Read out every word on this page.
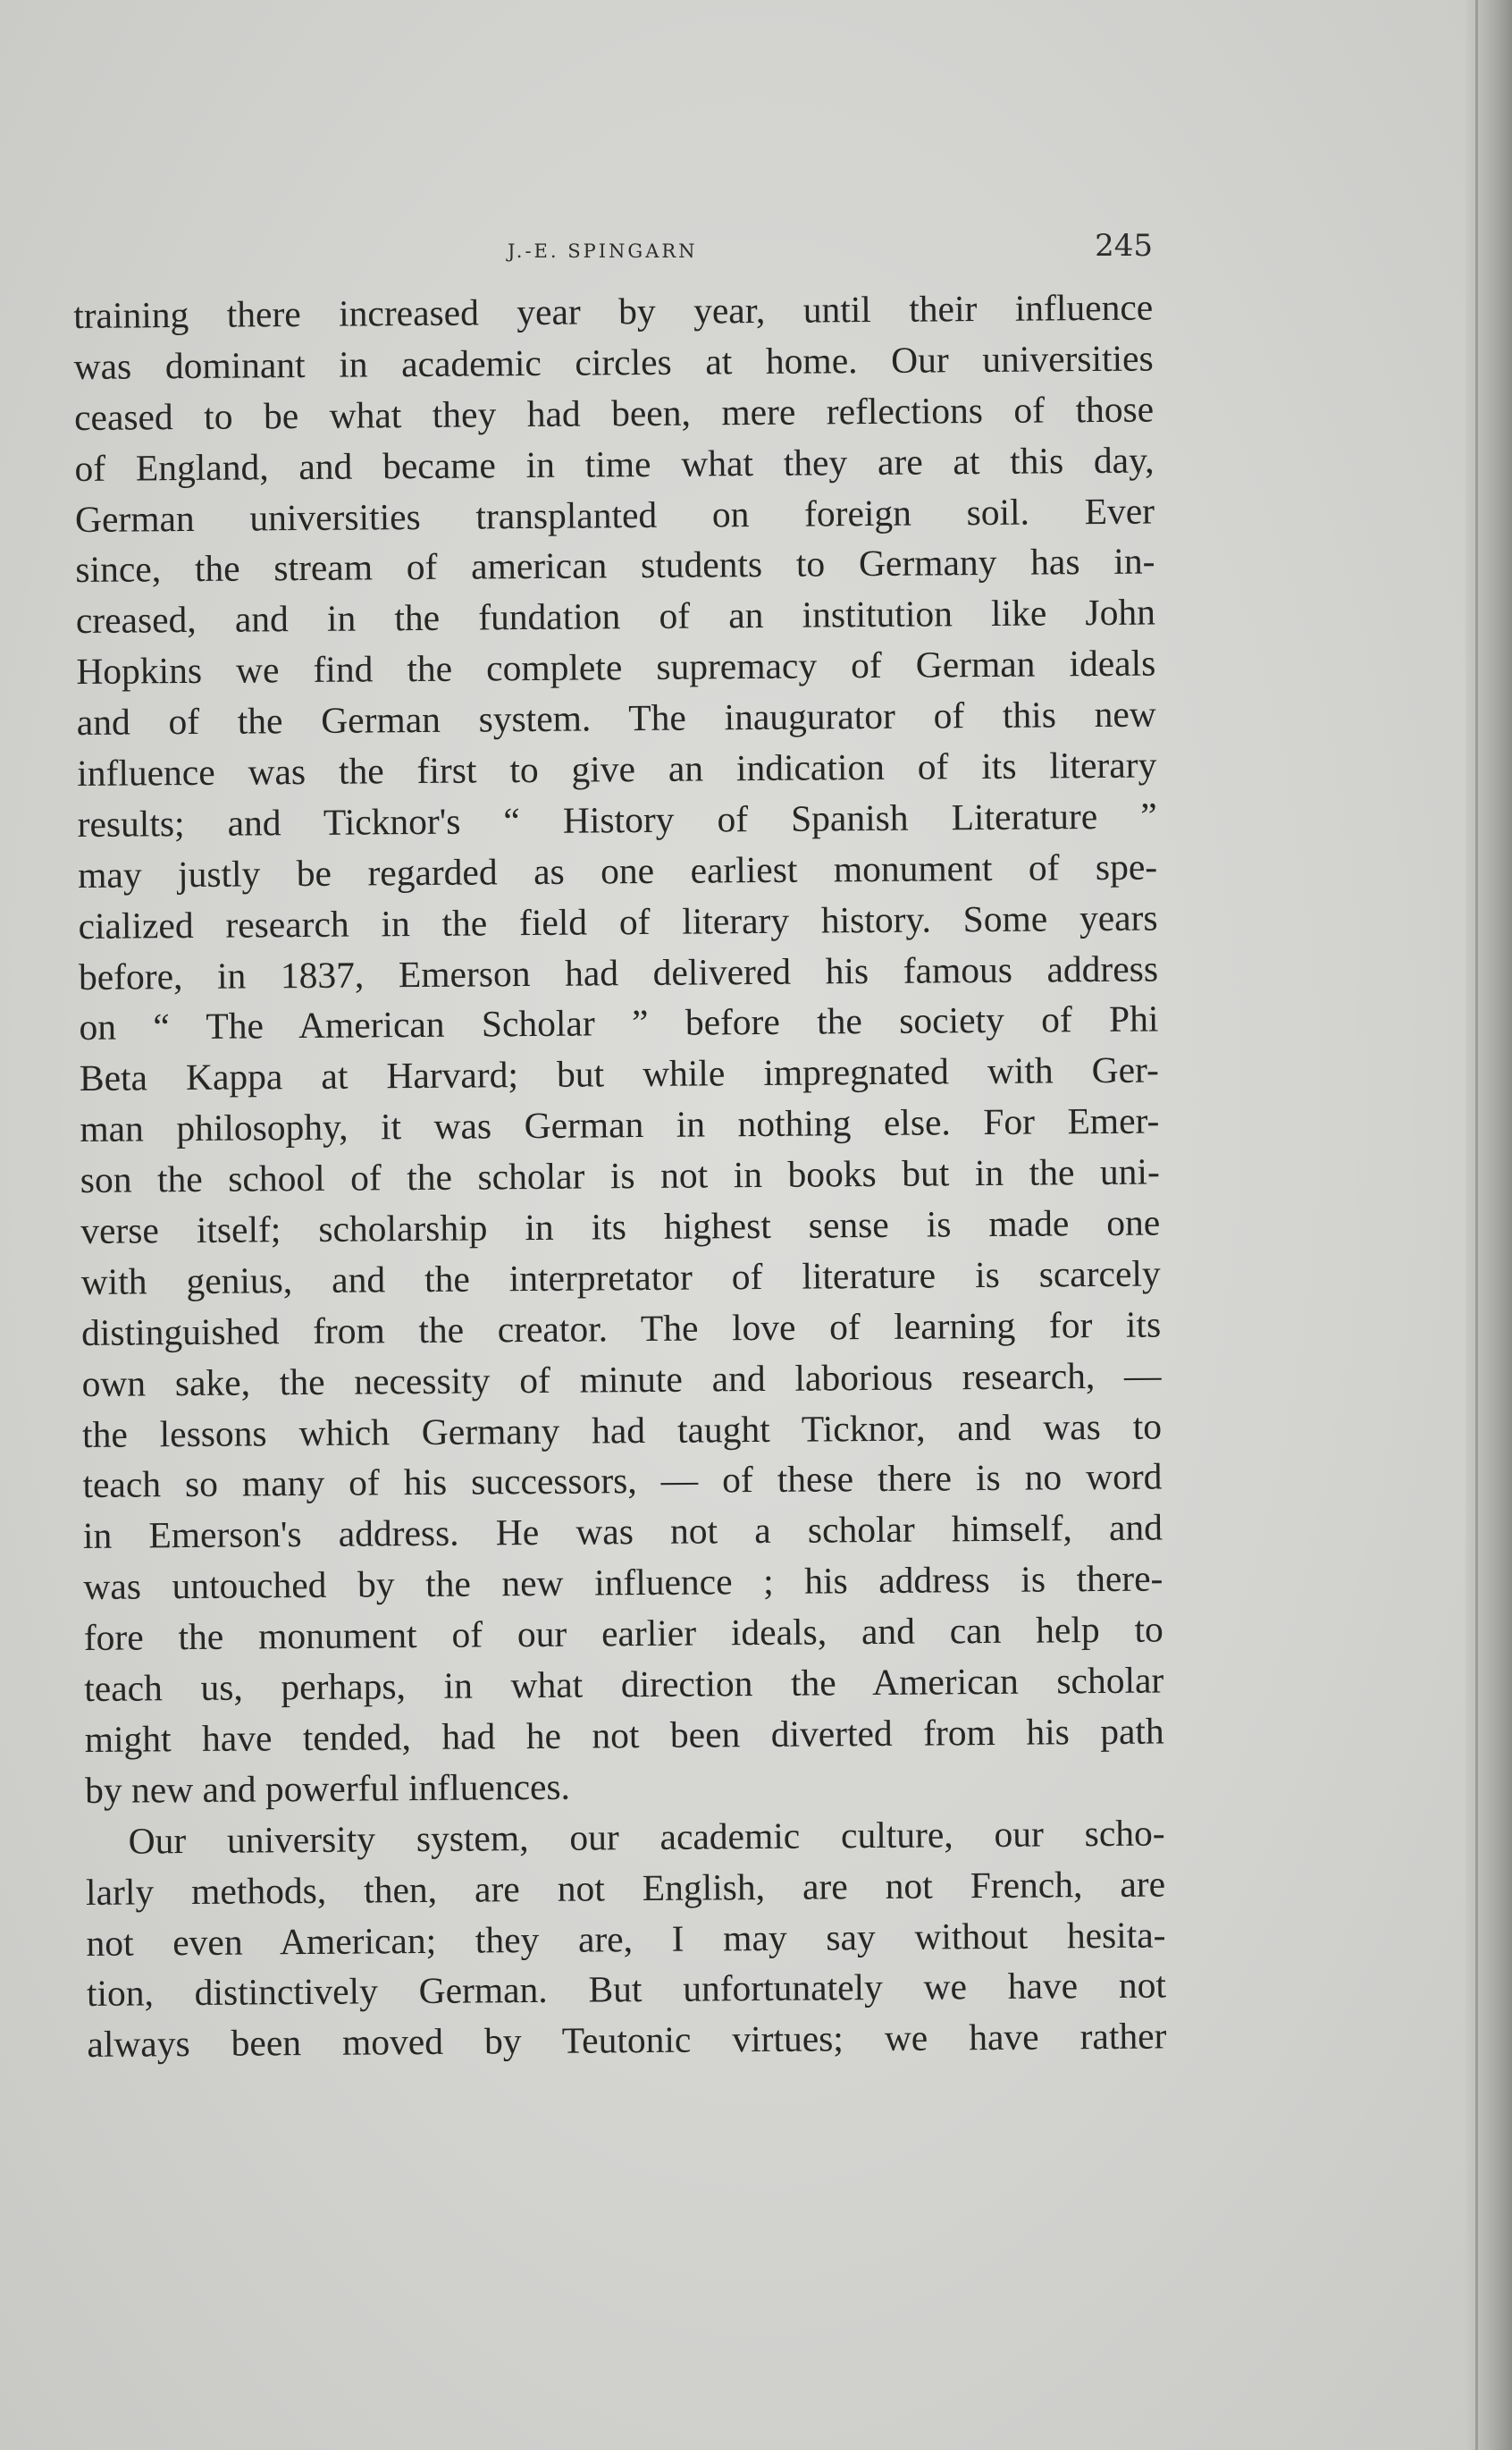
J.-E. SPINGARN	245
training there increased year by year, until their influence
was dominant in academic circles at home. Our universities
ceased to be what they had been, mere reflections of those
of England, and became in time what they are at this day,
German universities transplanted on foreign soil. Ever
since, the stream of american students to Germany has in-
creased, and in the fundation of an institution like John
Hopkins we find the complete supremacy of German ideals
and of the German system. The inaugurator of this new
influence was the first to give an indication of its literary
results; and Ticknor's “ History of Spanish Literature ”
may justly be regarded as one earliest monument of spe-
cialized research in the field of literary history. Some years
before, in 1837, Emerson had delivered his famous address
on “ The American Scholar ” before the society of Phi
Beta Kappa at Harvard; but while impregnated with Ger-
man philosophy, it was German in nothing else. For Emer-
son the school of the scholar is not in books but in the uni-
verse itself; scholarship in its highest sense is made one
with genius, and the interpretator of literature is scarcely
distinguished from the creator. The love of learning for its
own sake, the necessity of minute and laborious research, —
the lessons which Germany had taught Ticknor, and was to
teach so many of his successors, — of these there is no word
in Emerson's address. He was not a scholar himself, and
was untouched by the new influence ; his address is there-
fore the monument of our earlier ideals, and can help to
teach us, perhaps, in what direction the American scholar
might have tended, had he not been diverted from his path
by new and powerful influences.
Our university system, our academic culture, our scho-
larly methods, then, are not English, are not French, are
not even American; they are, I may say without hesita-
tion, distinctively German. But unfortunately we have not
always been moved by Teutonic virtues; we have rather
